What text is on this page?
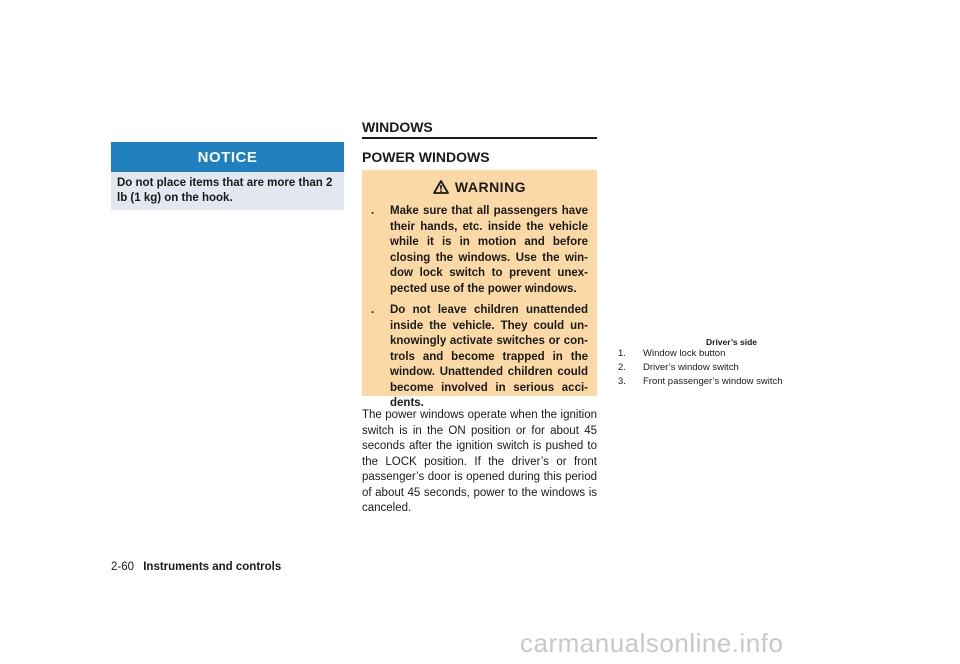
NOTICE
Do not place items that are more than 2 lb (1 kg) on the hook.
WINDOWS
POWER WINDOWS
WARNING
. Make sure that all passengers have their hands, etc. inside the vehicle while it is in motion and before closing the windows. Use the win-dow lock switch to prevent unex-pected use of the power windows.
. Do not leave children unattended inside the vehicle. They could un-knowingly activate switches or con-trols and become trapped in the window. Unattended children could become involved in serious acci-dents.
The power windows operate when the ignition switch is in the ON position or for about 45 seconds after the ignition switch is pushed to the LOCK position. If the driver’s or front passenger’s door is opened during this period of about 45 seconds, power to the windows is canceled.
Driver’s side
1.	Window lock button
2.	Driver’s window switch
3.	Front passenger’s window switch
2-60 Instruments and controls
carmanualsonline.info
